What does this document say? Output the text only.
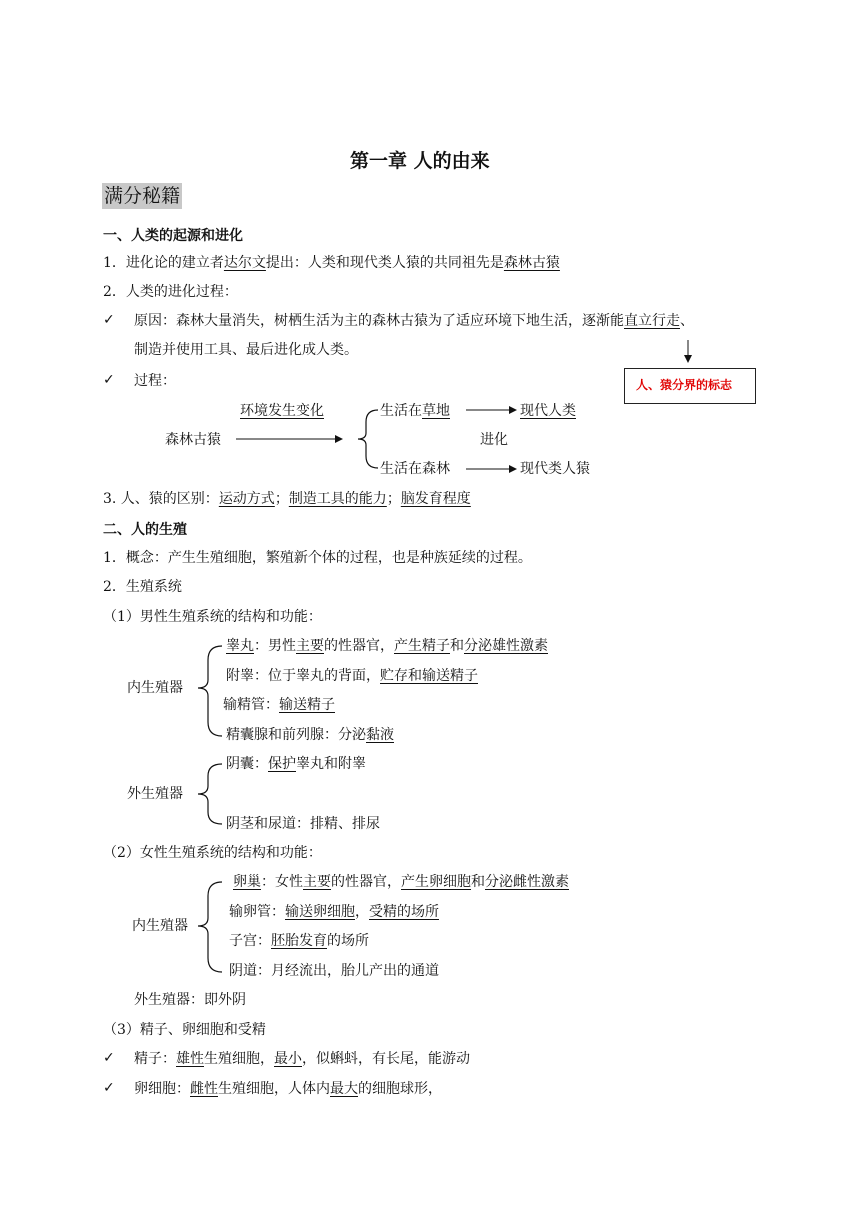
第一章 人的由来
满分秘籍
一、人类的起源和进化
1．进化论的建立者达尔文提出：人类和现代类人猿的共同祖先是森林古猿
2．人类的进化过程：
✓ 原因：森林大量消失，树栖生活为主的森林古猿为了适应环境下地生活，逐渐能直立行走、
制造并使用工具、最后进化成人类。
人、猿分界的标志
✓ 过程：
环境发生变化
森林古猿
生活在草地	现代人类
进化
生活在森林	现代类人猿
3. 人、猿的区别：运动方式；制造工具的能力；脑发育程度
二、人的生殖
1．概念：产生生殖细胞，繁殖新个体的过程，也是种族延续的过程。
2．生殖系统
（1）男性生殖系统的结构和功能：
内生殖器
睾丸：男性主要的性器官，产生精子和分泌雄性激素
附睾：位于睾丸的背面，贮存和输送精子
输精管：输送精子
精囊腺和前列腺：分泌黏液
外生殖器
阴囊：保护睾丸和附睾
阴茎和尿道：排精、排尿
（2）女性生殖系统的结构和功能：
内生殖器
卵巢：女性主要的性器官，产生卵细胞和分泌雌性激素
输卵管：输送卵细胞，受精的场所
子宫：胚胎发育的场所
阴道：月经流出，胎儿产出的通道
外生殖器：即外阴
（3）精子、卵细胞和受精
✓ 精子：雄性生殖细胞，最小，似蝌蚪，有长尾，能游动
✓ 卵细胞：雌性生殖细胞，人体内最大的细胞球形，
